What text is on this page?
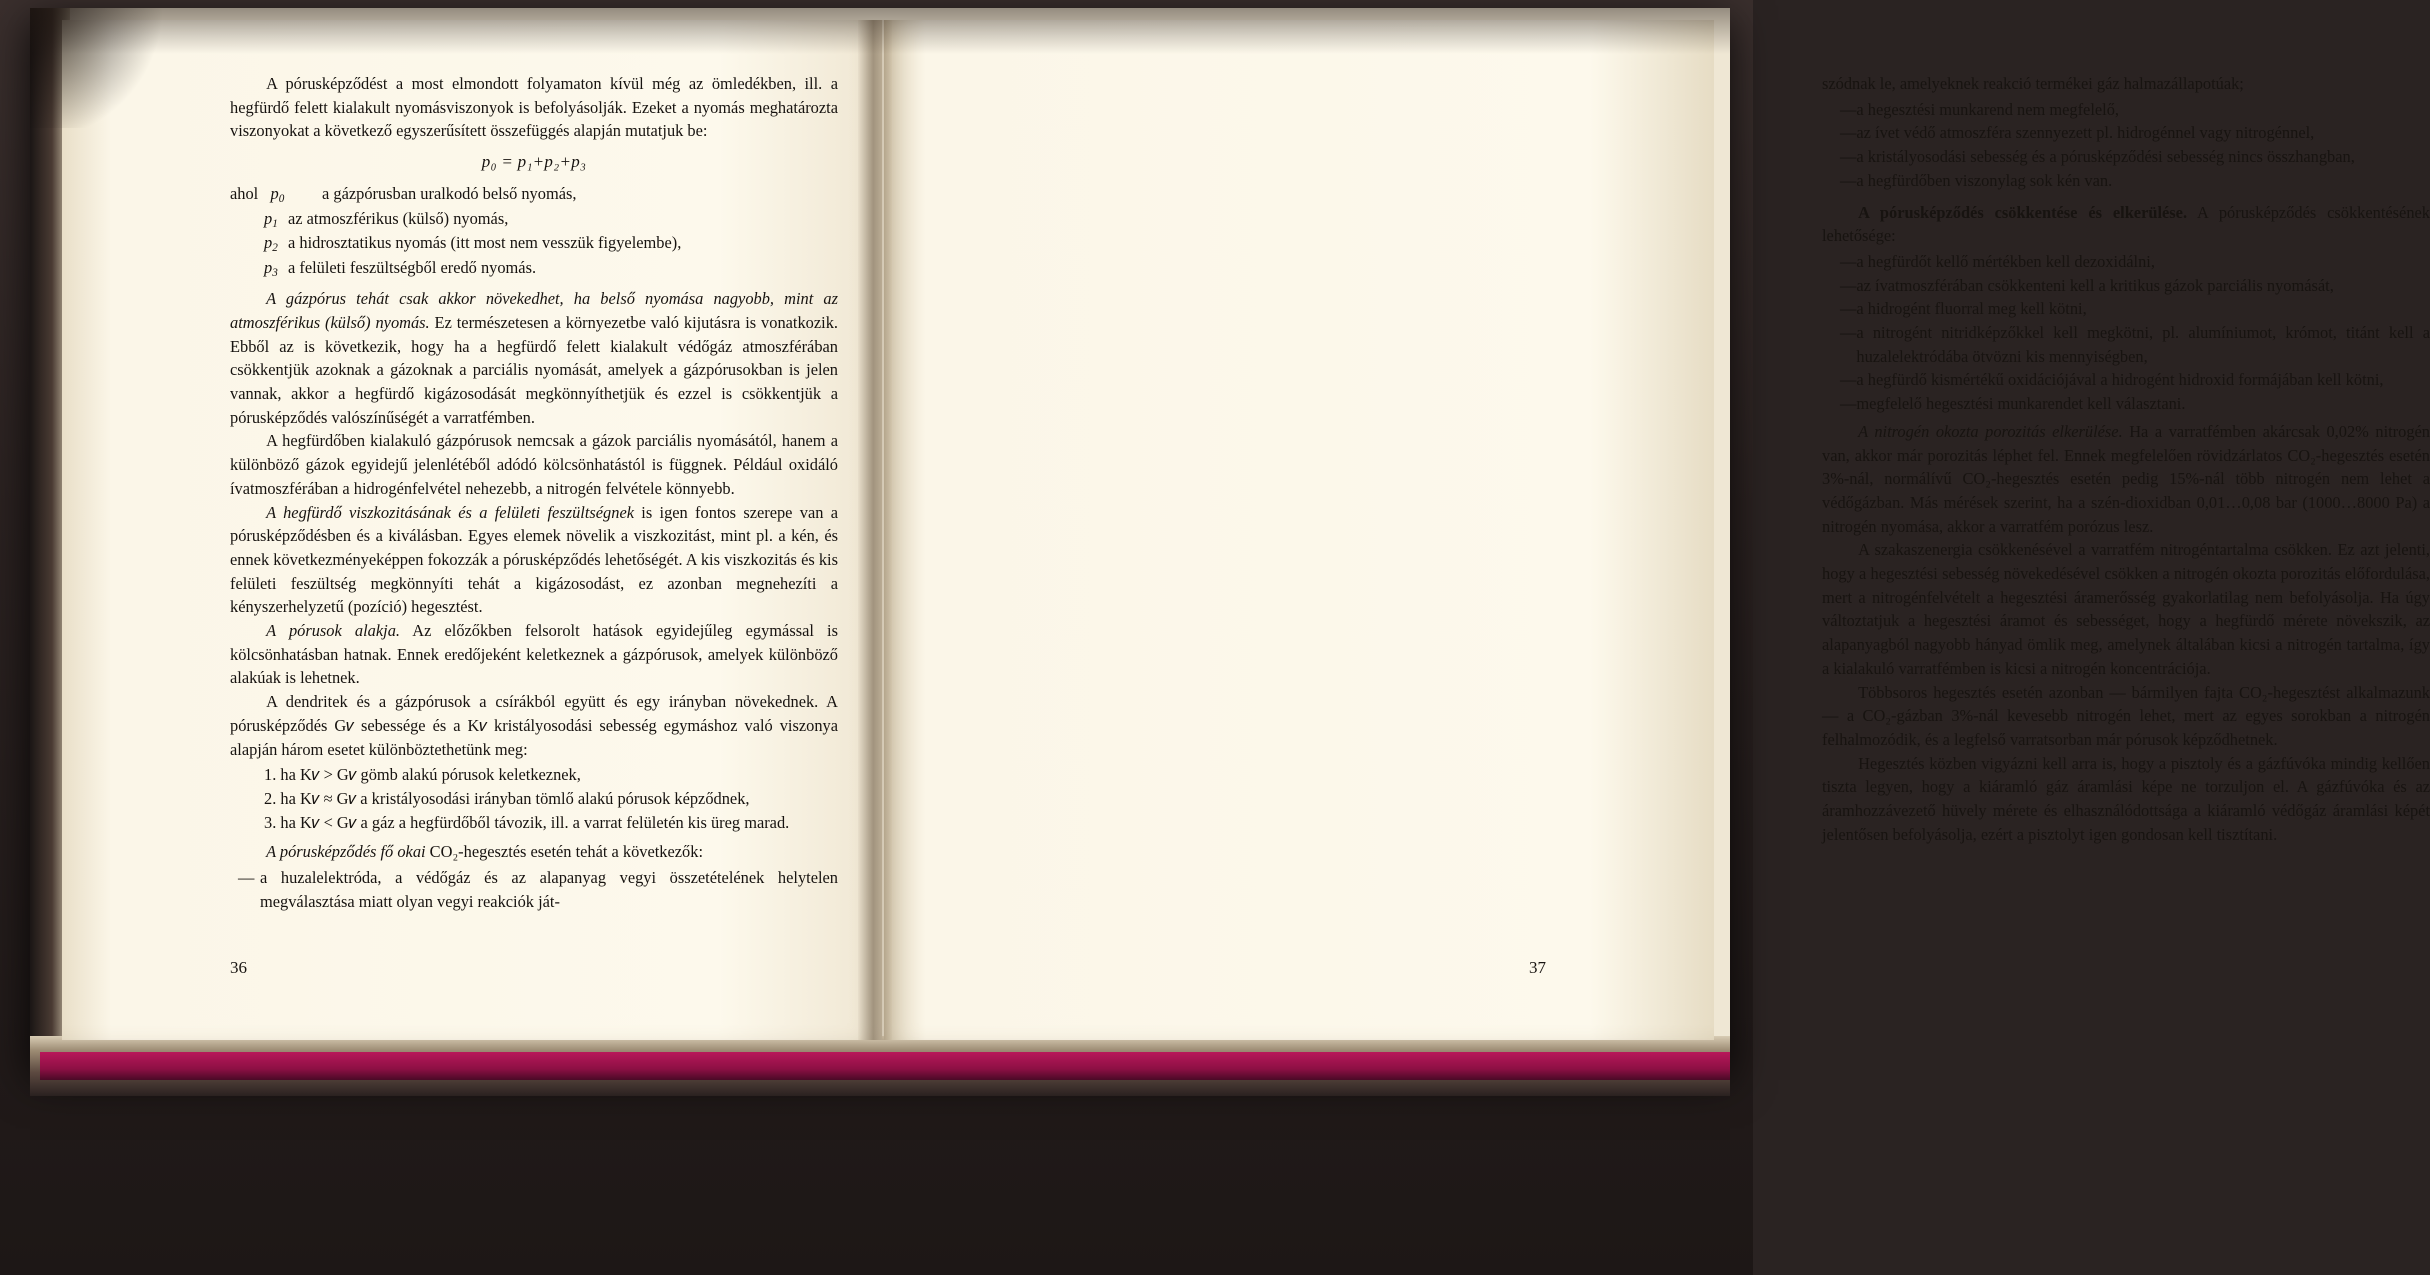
A pórusképződést a most elmondott folyamaton kívül még az ömledékben, ill. a hegfürdő felett kialakult nyomásviszonyok is befolyásolják. Ezeket a nyomás meghatározta viszonyokat a következő egyszerűsített összefüggés alapján mutatjuk be:

p₀ = p₁+p₂+p₃

ahol $p_0$	a gázpórusban uralkodó belső nyomás,
$p_1$ az atmoszférikus (külső) nyomás,
$p_2$ a hidrosztatikus nyomás (itt most nem vesszük figyelembe),
$p_3$ a felületi feszültségből eredő nyomás.

A gázpórus tehát csak akkor növekedhet, ha belső nyomása nagyobb, mint az atmoszférikus (külső) nyomás. Ez természetesen a környezetbe való kijutásra is vonatkozik. Ebből az is következik, hogy ha a hegfürdő felett kialakult védőgáz atmoszférában csökkentjük azoknak a gázoknak a parciális nyomását, amelyek a gázpórusokban is jelen vannak, akkor a hegfürdő kigázosodását megkönnyíthetjük és ezzel is csökkentjük a pórusképződés valószínűségét a varratfémben.

A hegfürdőben kialakuló gázpórusok nemcsak a gázok parciális nyomásától, hanem a különböző gázok egyidejű jelenlétéből adódó kölcsönhatástól is függnek. Például oxidáló ívatmoszférában a hidrogénfelvétel nehezebb, a nitrogén felvétele könnyebb.

A hegfürdő viszkozitásának és a felületi feszültségnek is igen fontos szerepe van a pórusképződésben és a kiválásban. Egyes elemek növelik a viszkozitást, mint pl. a kén, és ennek következményeképpen fokozzák a pórusképződés lehetőségét. A kis viszkozitás és kis felületi feszültség megkönnyíti tehát a kigázosodást, ez azonban megnehezíti a kényszerhelyzetű (pozíció) hegesztést.

A pórusok alakja. Az előzőkben felsorolt hatások egyidejűleg egymással is kölcsönhatásban hatnak. Ennek eredőjeként keletkeznek a gázpórusok, amelyek különböző alakúak is lehetnek.

A dendritek és a gázpórusok a csírákból együtt és egy irányban növekednek. A pórusképződés G𝑣 sebessége és a K𝑣 kristályosodási sebesség egymáshoz való viszonya alapján három esetet különböztethetünk meg:

1. ha K𝑣 > G𝑣 gömb alakú pórusok keletkeznek,

2. ha K𝑣 ≈ G𝑣 a kristályosodási irányban tömlő alakú pórusok képződnek,

3. ha K𝑣 < G𝑣 a gáz a hegfürdőből távozik, ill. a varrat felületén kis üreg marad.

A pórusképződés fő okai CO₂-hegesztés esetén tehát a következők:

— a huzalelektróda, a védőgáz és az alapanyag vegyi összetételének helytelen megválasztása miatt olyan vegyi reakciók ját-
36

szódnak le, amelyeknek reakció termékei gáz halmazállapotúak;

— a hegesztési munkarend nem megfelelő,
— az ívet védő atmoszféra szennyezett pl. hidrogénnel vagy nitrogénnel,
— a kristályosodási sebesség és a pórusképződési sebesség nincs összhangban,
— a hegfürdőben viszonylag sok kén van.

A pórusképződés csökkentése és elkerülése. A pórusképződés csökkentésének lehetősége:

— a hegfürdőt kellő mértékben kell dezoxidálni,
— az ívatmoszférában csökkenteni kell a kritikus gázok parciális nyomását,
— a hidrogént fluorral meg kell kötni,
— a nitrogént nitridképzőkkel kell megkötni, pl. alumíniumot, krómot, titánt kell a huzalelektródába ötvözni kis mennyiségben,
— a hegfürdő kismértékű oxidációjával a hidrogént hidroxid formájában kell kötni,
— megfelelő hegesztési munkarendet kell választani.

A nitrogén okozta porozitás elkerülése. Ha a varratfémben akárcsak 0,02% nitrogén van, akkor már porozitás léphet fel. Ennek megfelelően rövidzárlatos CO₂-hegesztés esetén 3%-nál, normálívű CO₂-hegesztés esetén pedig 15%-nál több nitrogén nem lehet a védőgázban. Más mérések szerint, ha a szén-dioxidban 0,01…0,08 bar (1000…8000 Pa) a nitrogén nyomása, akkor a varratfém porózus lesz.

A szakaszenergia csökkenésével a varratfém nitrogéntartalma csökken. Ez azt jelenti, hogy a hegesztési sebesség növekedésével csökken a nitrogén okozta porozitás előfordulása, mert a nitrogénfelvételt a hegesztési áramerősség gyakorlatilag nem befolyásolja. Ha úgy változtatjuk a hegesztési áramot és sebességet, hogy a hegfürdő mérete növekszik, az alapanyagból nagyobb hányad ömlik meg, amelynek általában kicsi a nitrogén tartalma, így a kialakuló varratfémben is kicsi a nitrogén koncentrációja.

Többsoros hegesztés esetén azonban — bármilyen fajta CO₂-hegesztést alkalmazunk — a CO₂-gázban 3%-nál kevesebb nitrogén lehet, mert az egyes sorokban a nitrogén felhalmozódik, és a legfelső varratsorban már pórusok képződhetnek.

Hegesztés közben vigyázni kell arra is, hogy a pisztoly és a gázfúvóka mindig kellően tiszta legyen, hogy a kiáramló gáz áramlási képe ne torzuljon el. A gázfúvóka és az áramhozzávezető hüvely mérete és elhasználódottsága a kiáramló védőgáz áramlási képét jelentősen befolyásolja, ezért a pisztolyt igen gondosan kell tisztítani.

37
